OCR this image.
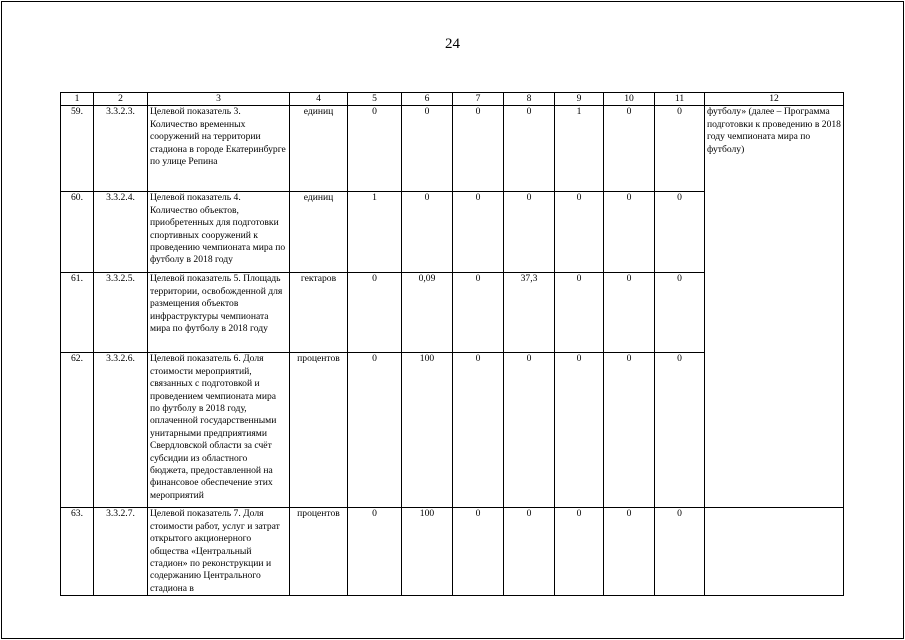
24
1	2	3	4	5	6	7	8	9	10	11	12
59.	3.3.2.3.	Целевой показатель 3. Количество временных сооружений на территории стадиона в городе Екатеринбурге по улице Репина	единиц	0	0	0	0	1	0	0	футболу» (далее – Программа подготовки к проведению в 2018 году чемпионата мира по футболу)
60.	3.3.2.4.	Целевой показатель 4. Количество объектов, приобретенных для подготовки спортивных сооружений к проведению чемпионата мира по футболу в 2018 году	единиц	1	0	0	0	0	0	0	
61.	3.3.2.5.	Целевой показатель 5. Площадь территории, освобожденной для размещения объектов инфраструктуры чемпионата мира по футболу в 2018 году	гектаров	0	0,09	0	37,3	0	0	0	
62.	3.3.2.6.	Целевой показатель 6. Доля стоимости мероприятий, связанных с подготовкой и проведением чемпионата мира по футболу в 2018 году, оплаченной государственными унитарными предприятиями Свердловской области за счёт субсидии из областного бюджета, предоставленной на финансовое обеспечение этих мероприятий	процентов	0	100	0	0	0	0	0	
63.	3.3.2.7.	Целевой показатель 7. Доля стоимости работ, услуг и затрат открытого акционерного общества «Центральный стадион» по реконструкции и содержанию Центрального стадиона в	процентов	0	100	0	0	0	0	0	
